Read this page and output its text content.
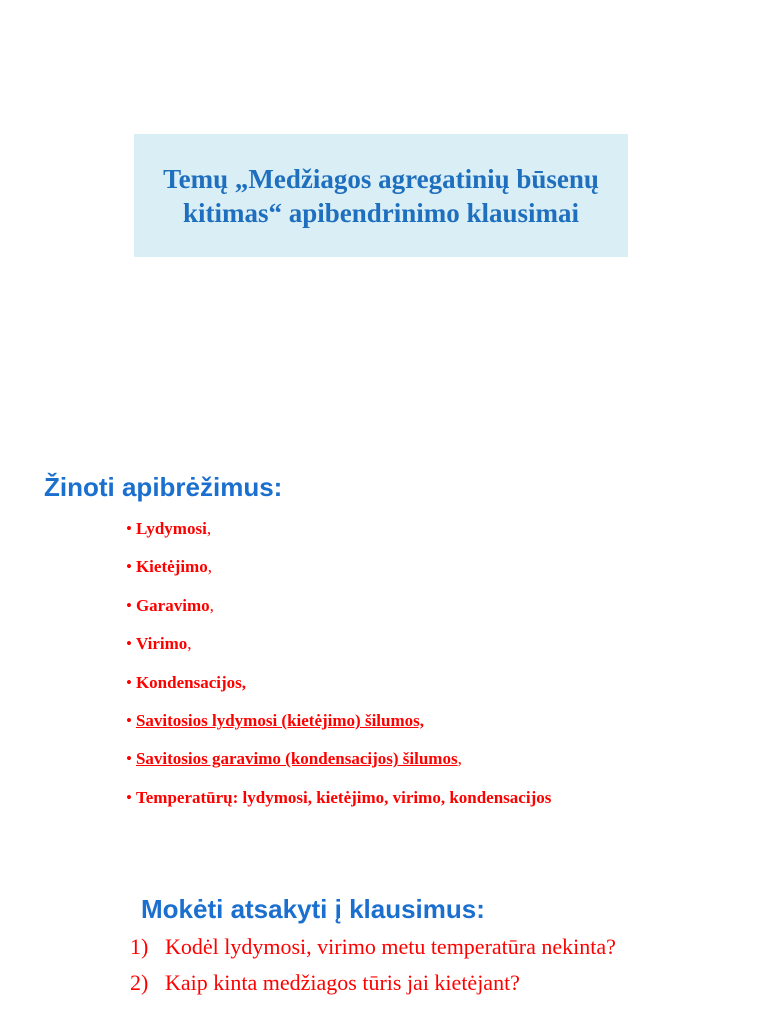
Temų „Medžiagos agregatinių būsenų kitimas“ apibendrinimo klausimai
Žinoti apibrėžimus:
• Lydymosi,
• Kietėjimo,
• Garavimo,
• Virimo,
• Kondensacijos,
• Savitosios lydymosi (kietėjimo) šilumos,
• Savitosios garavimo (kondensacijos) šilumos,
• Temperatūrų: lydymosi, kietėjimo, virimo, kondensacijos
Mokėti atsakyti į klausimus:
1) Kodėl lydymosi, virimo metu temperatūra nekinta?
2) Kaip kinta medžiagos tūris jai kietėjant?
